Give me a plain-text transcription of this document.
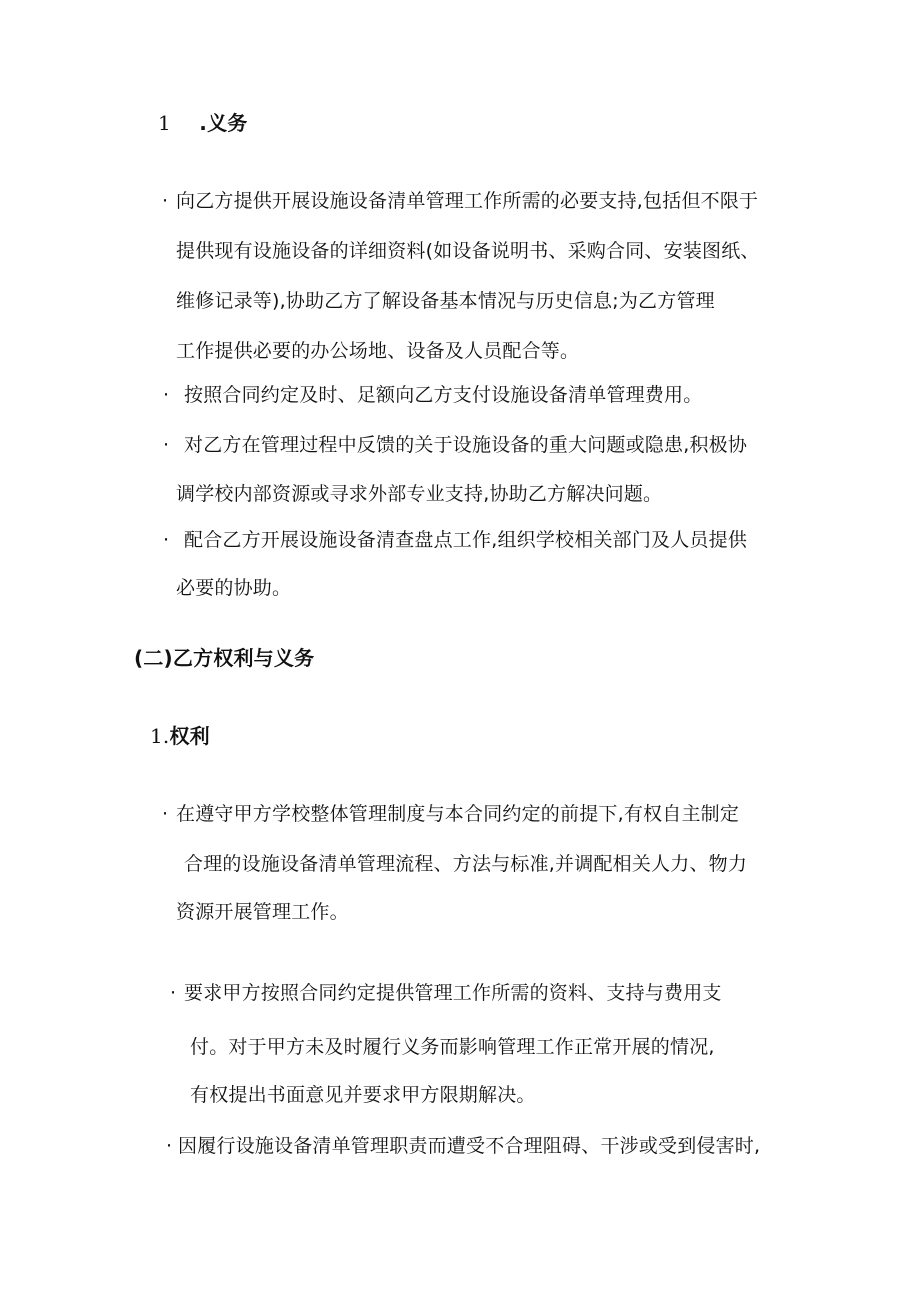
1 .义务
· 向乙方提供开展设施设备清单管理工作所需的必要支持,包括但不限于
提供现有设施设备的详细资料(如设备说明书、采购合同、安装图纸、
维修记录等),协助乙方了解设备基本情况与历史信息;为乙方管理
工作提供必要的办公场地、设备及人员配合等。
· 按照合同约定及时、足额向乙方支付设施设备清单管理费用。
· 对乙方在管理过程中反馈的关于设施设备的重大问题或隐患,积极协
调学校内部资源或寻求外部专业支持,协助乙方解决问题。
· 配合乙方开展设施设备清查盘点工作,组织学校相关部门及人员提供
必要的协助。
(二)乙方权利与义务
1.权利
· 在遵守甲方学校整体管理制度与本合同约定的前提下,有权自主制定
合理的设施设备清单管理流程、方法与标准,并调配相关人力、物力
资源开展管理工作。
· 要求甲方按照合同约定提供管理工作所需的资料、支持与费用支
付。对于甲方未及时履行义务而影响管理工作正常开展的情况,
有权提出书面意见并要求甲方限期解决。
· 因履行设施设备清单管理职责而遭受不合理阻碍、干涉或受到侵害时,
